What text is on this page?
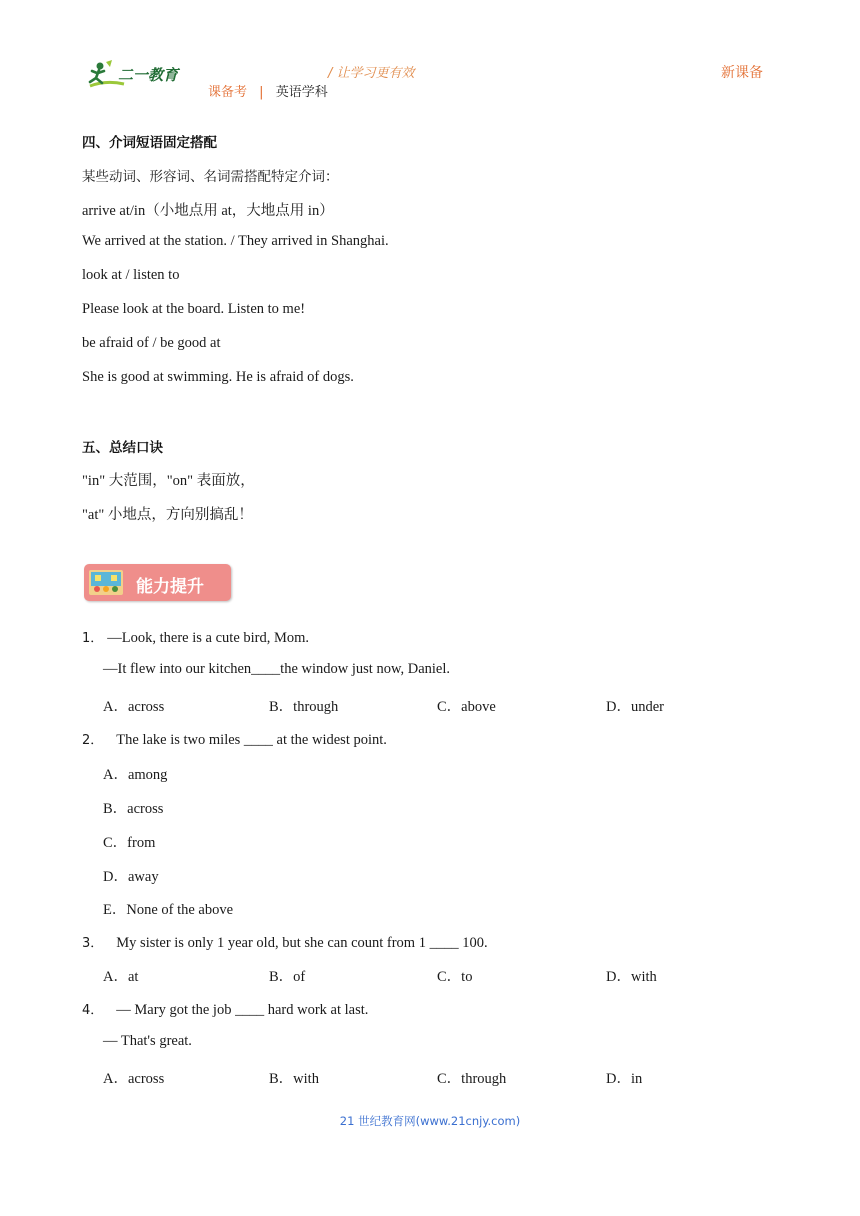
二一教育	/ 让学习更有效
课备考 | 英语学科
新课备
四、介词短语固定搭配
某些动词、形容词、名词需搭配特定介词：
arrive at/in（小地点用 at，大地点用 in）
We arrived at the station. / They arrived in Shanghai.
look at / listen to
Please look at the board. Listen to me!
be afraid of / be good at
She is good at swimming. He is afraid of dogs.
五、总结口诀
"in" 大范围，"on" 表面放，
"at" 小地点，方向别搞乱！
能力提升
1． —Look, there is a cute bird, Mom.
—It flew into our kitchen____the window just now, Daniel.
A．across	B．through	C．above	D．under
2． The lake is two miles ____ at the widest point.
A．among
B．across
C．from
D．away
E．None of the above
3． My sister is only 1 year old, but she can count from 1 ____ 100.
A．at	B．of	C．to	D．with
4． — Mary got the job ____ hard work at last.
— That's great.
A．across	B．with	C．through	D．in
21 世纪教育网(www.21cnjy.com)
